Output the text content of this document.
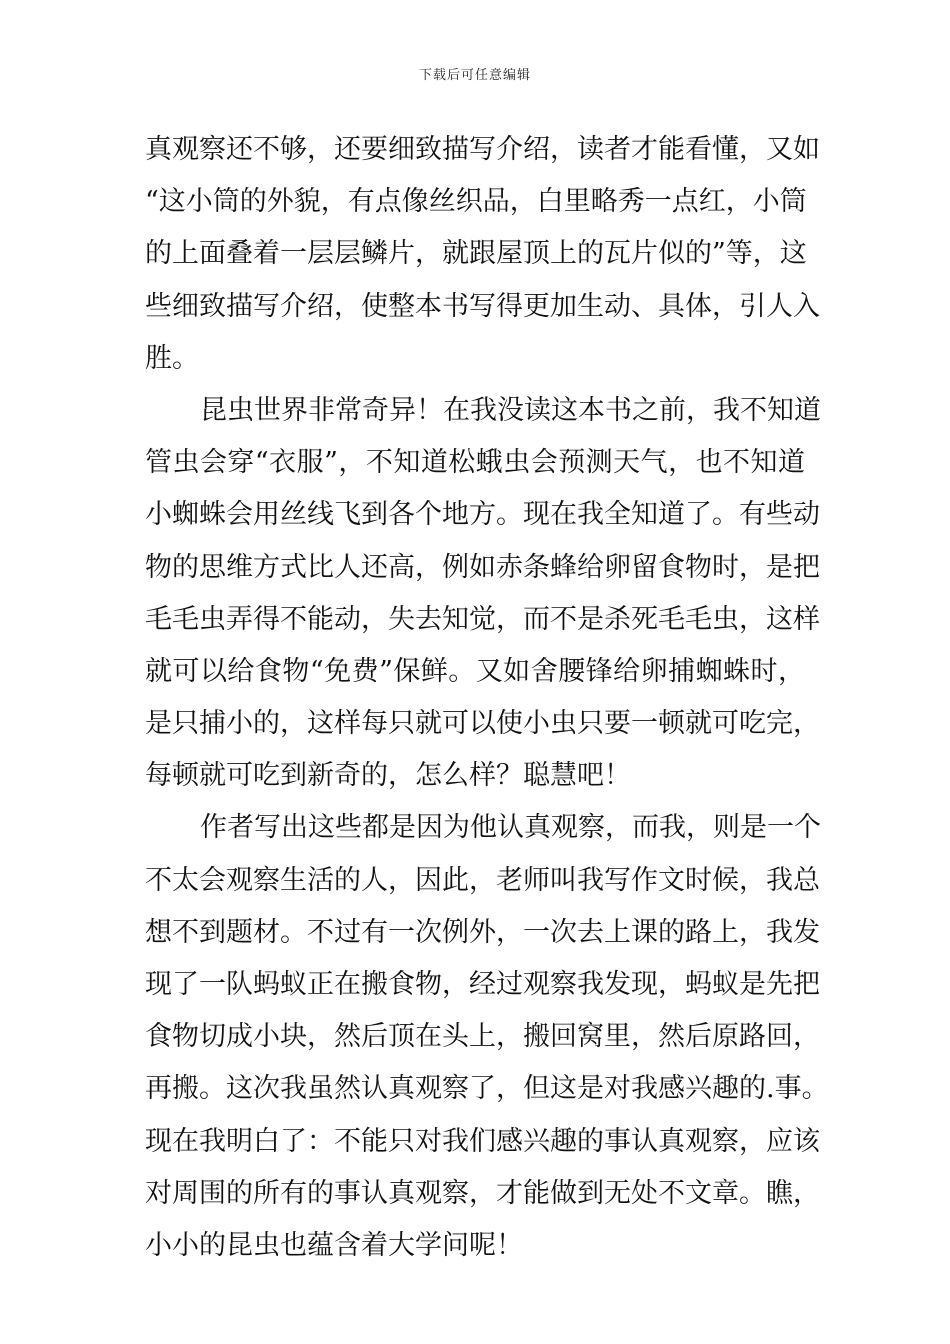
下载后可任意编辑
真观察还不够，还要细致描写介绍，读者才能看懂，又如
“这小筒的外貌，有点像丝织品，白里略秀一点红，小筒
的上面叠着一层层鳞片，就跟屋顶上的瓦片似的”等，这
些细致描写介绍，使整本书写得更加生动、具体，引人入
胜。
昆虫世界非常奇异！在我没读这本书之前，我不知道
管虫会穿“衣服”，不知道松蛾虫会预测天气，也不知道
小蜘蛛会用丝线飞到各个地方。现在我全知道了。有些动
物的思维方式比人还高，例如赤条蜂给卵留食物时，是把
毛毛虫弄得不能动，失去知觉，而不是杀死毛毛虫，这样
就可以给食物“免费”保鲜。又如舍腰锋给卵捕蜘蛛时，
是只捕小的，这样每只就可以使小虫只要一顿就可吃完，
每顿就可吃到新奇的，怎么样？聪慧吧！
作者写出这些都是因为他认真观察，而我，则是一个
不太会观察生活的人，因此，老师叫我写作文时候，我总
想不到题材。不过有一次例外，一次去上课的路上，我发
现了一队蚂蚁正在搬食物，经过观察我发现，蚂蚁是先把
食物切成小块，然后顶在头上，搬回窝里，然后原路回，
再搬。这次我虽然认真观察了，但这是对我感兴趣的.事。
现在我明白了：不能只对我们感兴趣的事认真观察，应该
对周围的所有的事认真观察，才能做到无处不文章。瞧，
小小的昆虫也蕴含着大学问呢！
